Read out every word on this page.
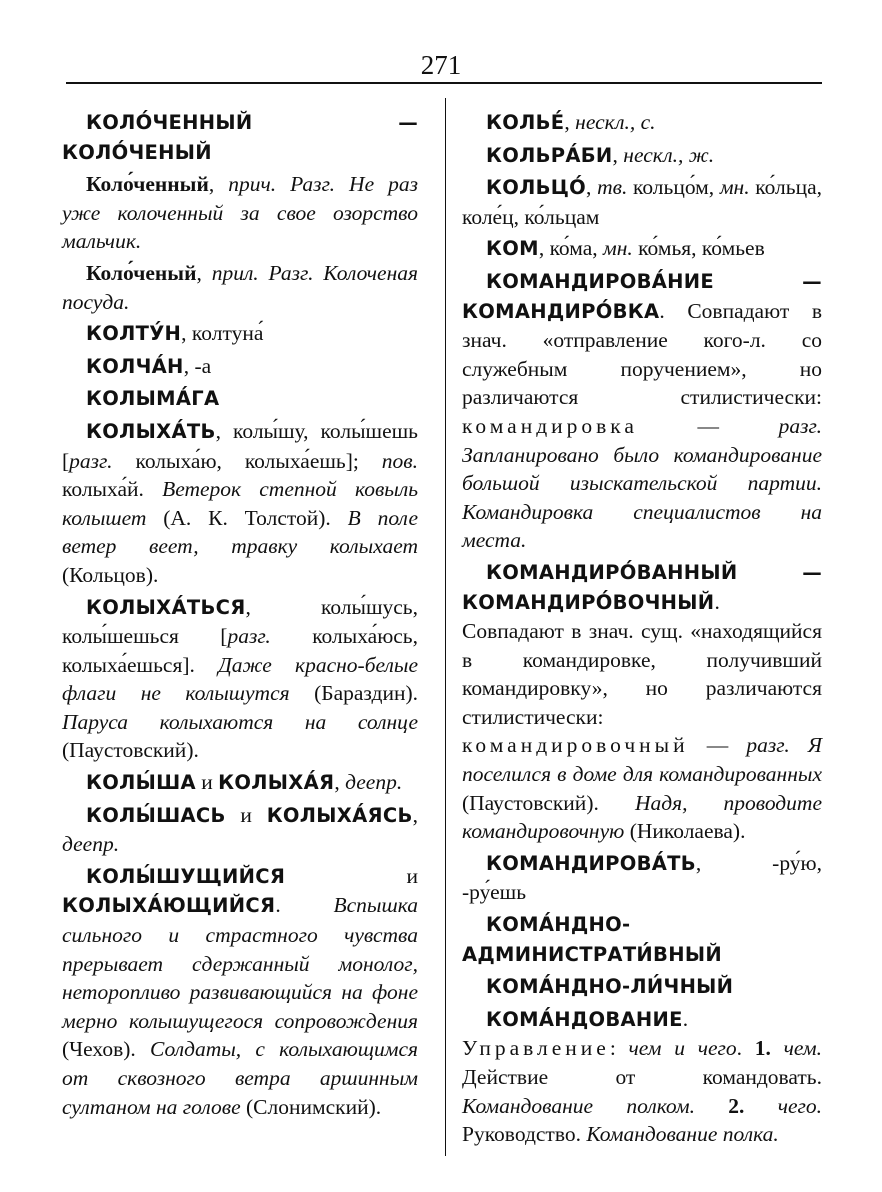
271

КОЛО́ЧЕННЫЙ — КОЛО́ЧЕНЫЙ

Коло́ченный, прич. Разг. Не раз уже колоченный за свое озорство мальчик.

Коло́ченый, прил. Разг. Колоченая посуда.

КОЛТУ́Н, колтуна́

КОЛЧА́Н, -а

КОЛЫМА́ГА

КОЛЫХА́ТЬ, колы́шу, колы́шешь [разг. колыха́ю, колыха́ешь]; пов. колыха́й. Ветерок степной ковыль колышет (А. К. Толстой). В поле ветер веет, травку колыхает (Кольцов).

КОЛЫХА́ТЬСЯ, колы́шусь, колы́шешься [разг. колыха́юсь, колыха́ешься]. Даже красно-белые флаги не колышутся (Бараздин). Паруса колыхаются на солнце (Паустовский).

КОЛЫ́ША и КОЛЫХА́Я, деепр.

КОЛЫ́ШАСЬ и КОЛЫХА́ЯСЬ, деепр.

КОЛЫ́ШУЩИЙСЯ и КОЛЫХА́ЮЩИЙСЯ. Вспышка сильного и страстного чувства прерывает сдержанный монолог, неторопливо развивающийся на фоне мерно колышущегося сопровождения (Чехов). Солдаты, с колыхающимся от сквозного ветра аршинным султаном на голове (Слонимский).

КОЛЬЕ́, нескл., с.

КОЛЬРА́БИ, нескл., ж.

КОЛЬЦО́, тв. кольцо́м, мн. ко́льца, коле́ц, ко́льцам

КОМ, ко́ма, мн. ко́мья, ко́мьев

КОМАНДИРОВА́НИЕ — КОМАНДИРО́ВКА. Совпадают в знач. «отправление кого-л. со служебным поручением», но различаются стилистически: командировка — разг. Запланировано было командирование большой изыскательской партии. Командировка специалистов на места.

КОМАНДИРО́ВАННЫЙ — КОМАНДИРО́ВОЧНЫЙ. Совпадают в знач. сущ. «находящийся в командировке, получивший командировку», но различаются стилистически: командировочный — разг. Я поселился в доме для командированных (Паустовский). Надя, проводите командировочную (Николаева).

КОМАНДИРОВА́ТЬ, -ру́ю, -ру́ешь

КОМА́НДНО-АДМИНИСТРАТИ́ВНЫЙ

КОМА́НДНО-ЛИ́ЧНЫЙ

КОМА́НДОВАНИЕ. Управление: чем и чего. 1. чем. Действие от командовать. Командование полком. 2. чего. Руководство. Командование полка.
